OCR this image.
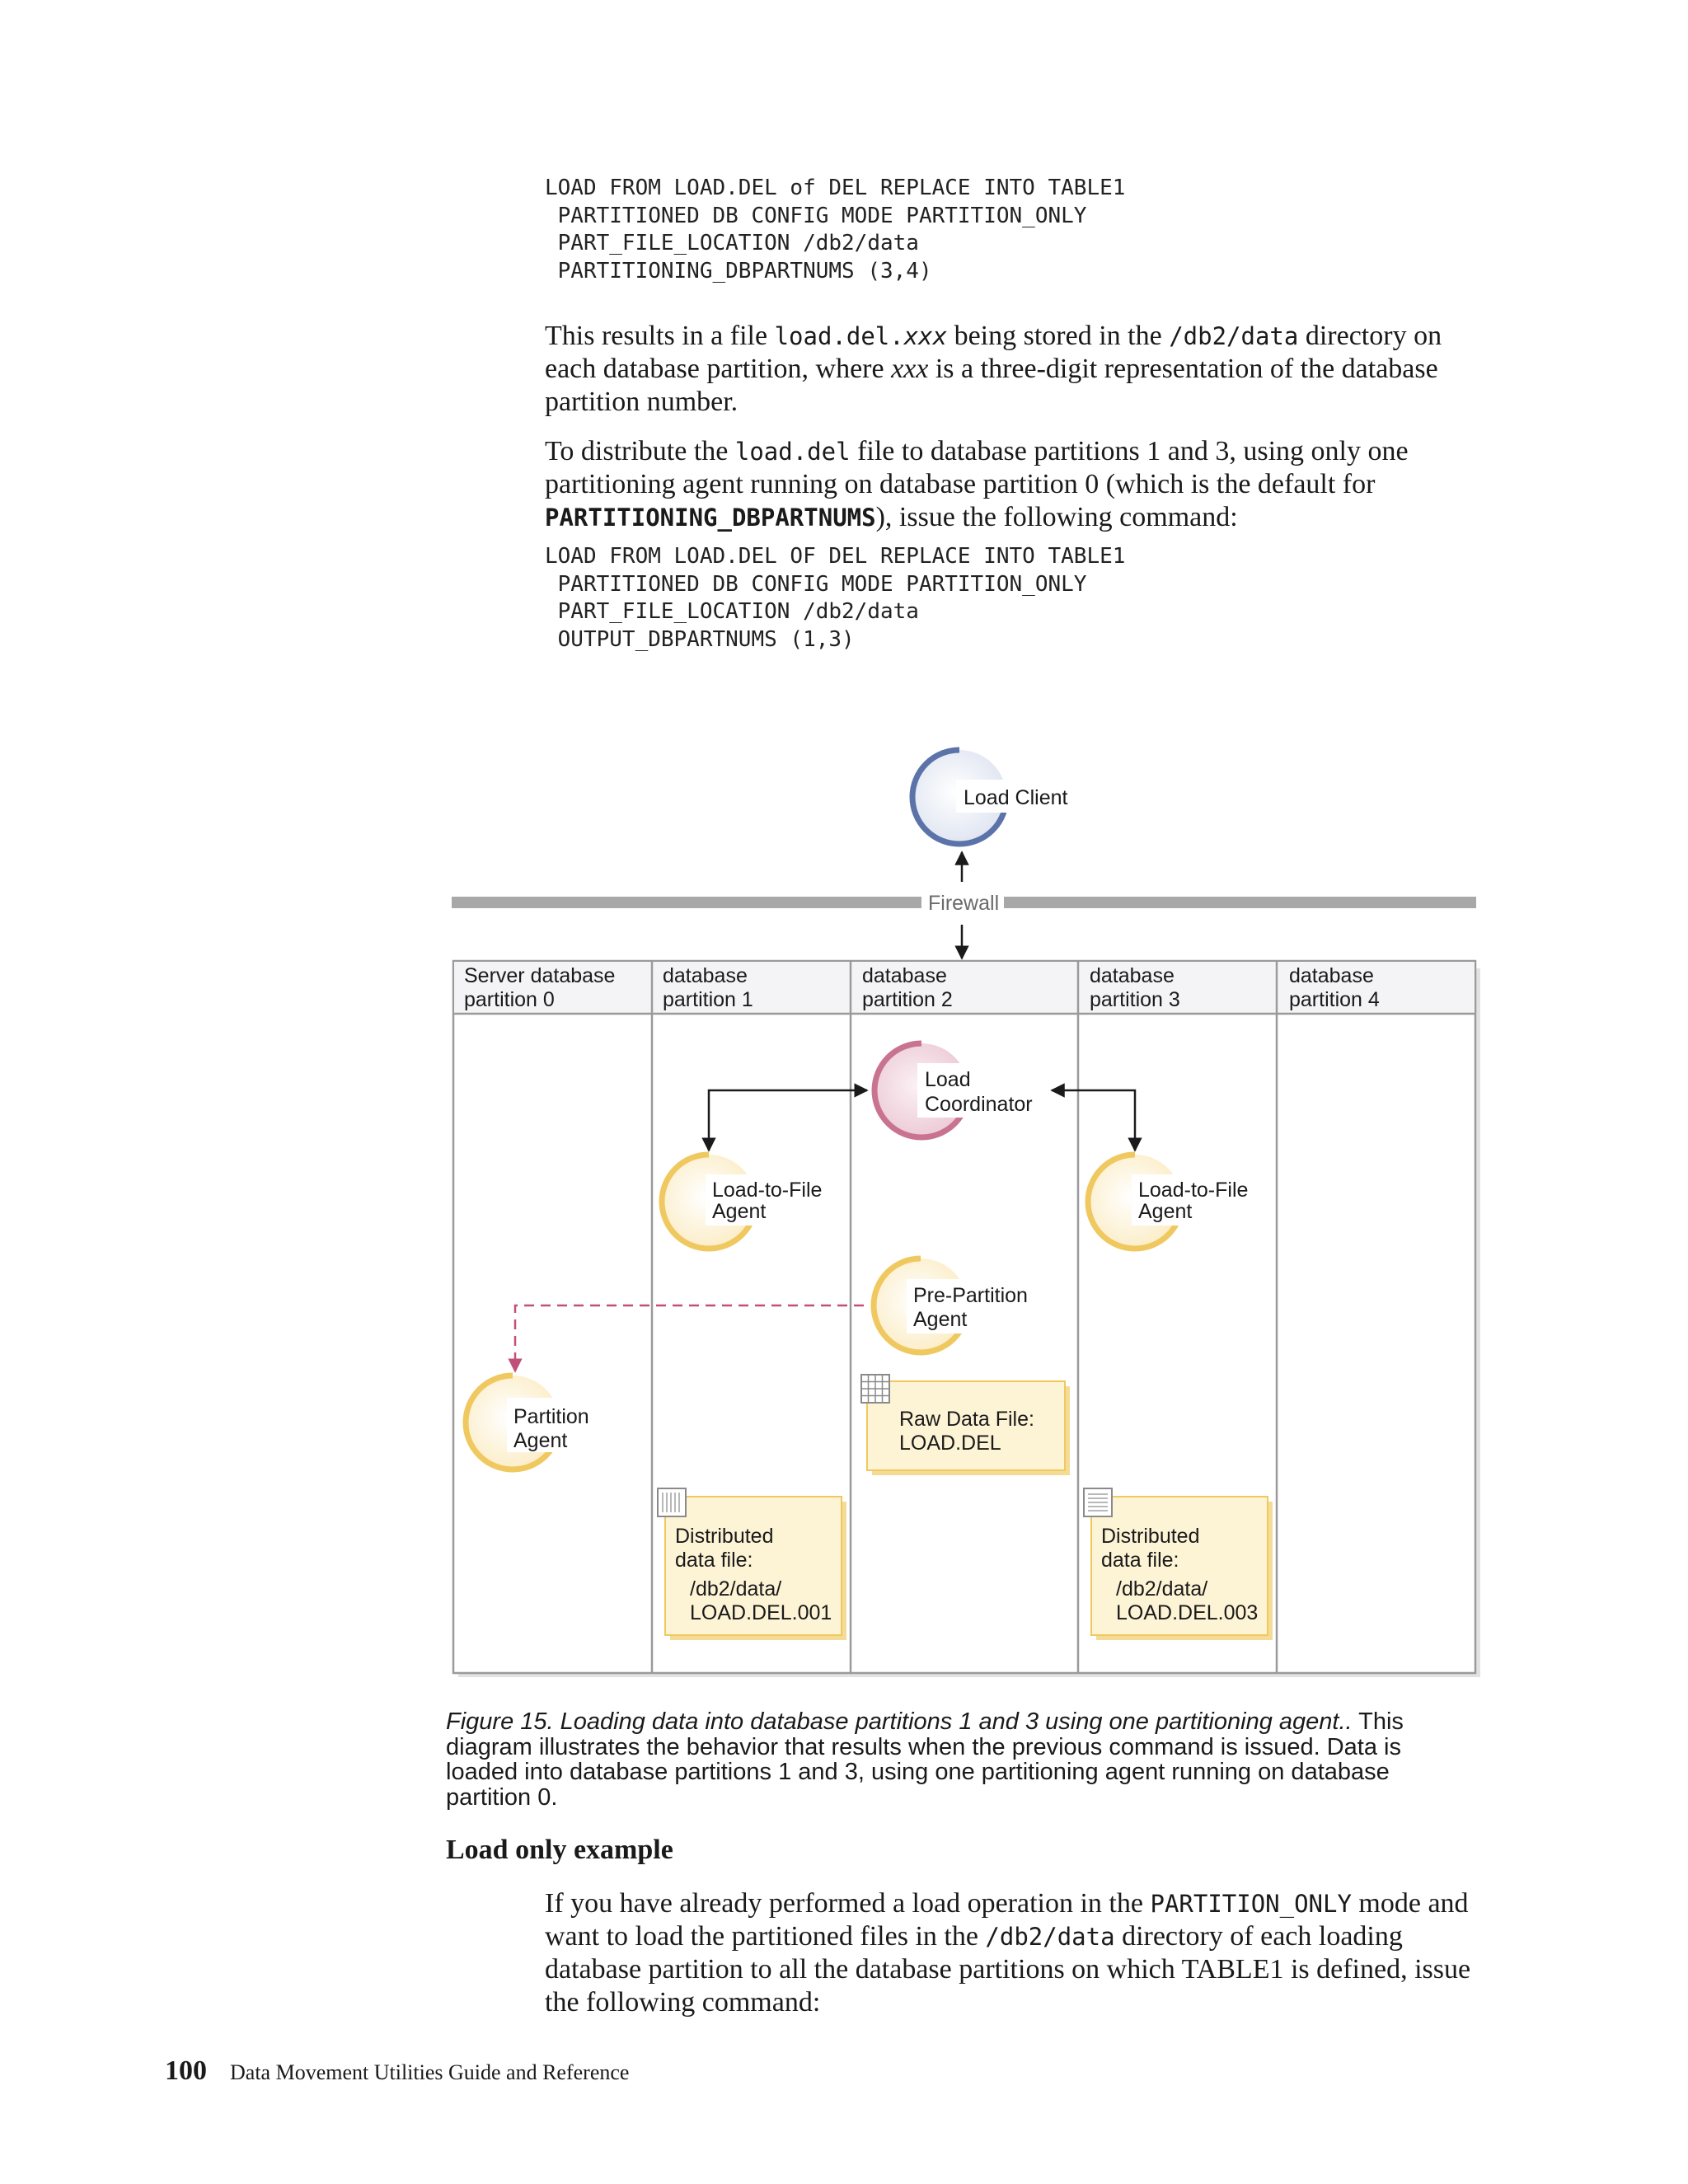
LOAD FROM LOAD.DEL of DEL REPLACE INTO TABLE1
PARTITIONED DB CONFIG MODE PARTITION_ONLY
PART_FILE_LOCATION /db2/data
PARTITIONING_DBPARTNUMS (3,4)

This results in a file load.del.xxx being stored in the /db2/data directory on each database partition, where xxx is a three-digit representation of the database partition number.

To distribute the load.del file to database partitions 1 and 3, using only one partitioning agent running on database partition 0 (which is the default for PARTITIONING_DBPARTNUMS), issue the following command:

LOAD FROM LOAD.DEL OF DEL REPLACE INTO TABLE1
PARTITIONED DB CONFIG MODE PARTITION_ONLY
PART_FILE_LOCATION /db2/data
OUTPUT_DBPARTNUMS (1,3)
Load Client
Firewall
Server database
partition 0
database
partition 1
database
partition 2
database
partition 3
database
partition 4
Load
Coordinator
Load-to-File
Agent
Load-to-File
Agent
Pre-Partition
Agent
Partition
Agent
Raw Data File:
LOAD.DEL
Distributed
data file:
/db2/data/
LOAD.DEL.001
Distributed
data file:
/db2/data/
LOAD.DEL.003

Figure 15. Loading data into database partitions 1 and 3 using one partitioning agent.. This diagram illustrates the behavior that results when the previous command is issued. Data is loaded into database partitions 1 and 3, using one partitioning agent running on database partition 0.

Load only example

If you have already performed a load operation in the PARTITION_ONLY mode and want to load the partitioned files in the /db2/data directory of each loading database partition to all the database partitions on which TABLE1 is defined, issue the following command:

100 Data Movement Utilities Guide and Reference
